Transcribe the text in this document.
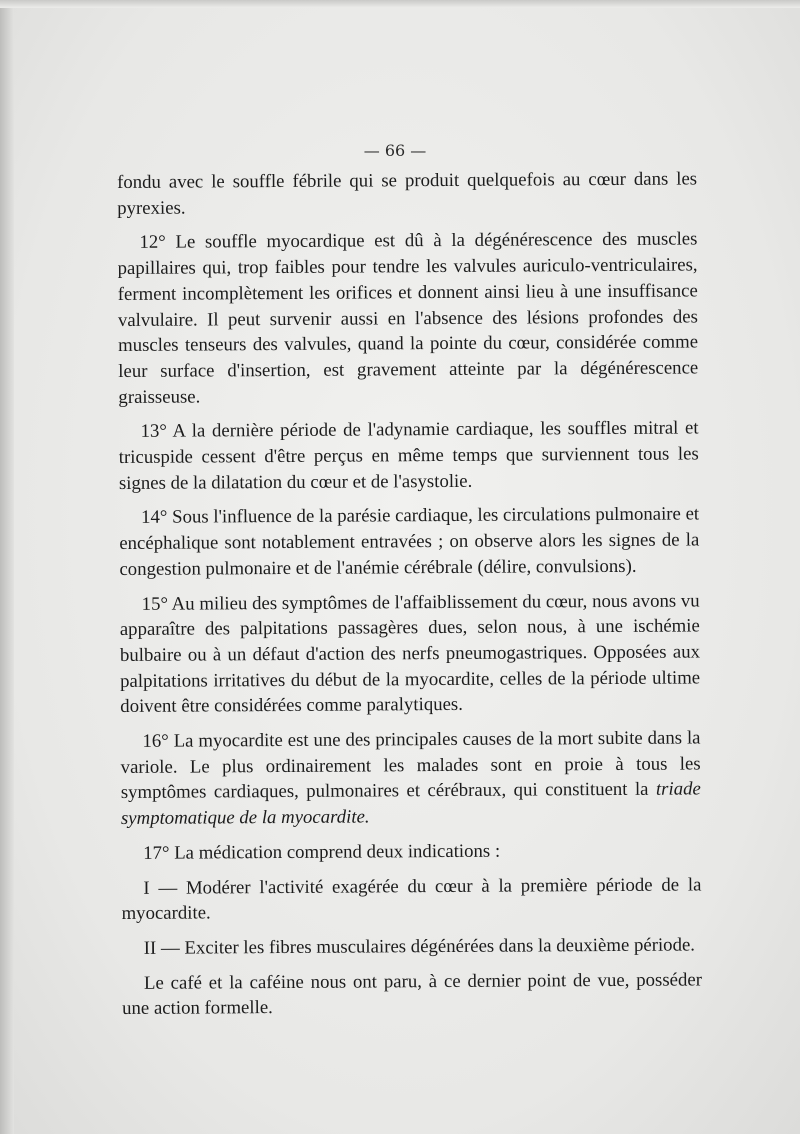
— 66 —

fondu avec le souffle fébrile qui se produit quelquefois au cœur dans les pyrexies.

12° Le souffle myocardique est dû à la dégénérescence des muscles papillaires qui, trop faibles pour tendre les valvules auriculo-ventriculaires, ferment incomplètement les orifices et donnent ainsi lieu à une insuffisance valvulaire. Il peut survenir aussi en l'absence des lésions profondes des muscles tenseurs des valvules, quand la pointe du cœur, considérée comme leur surface d'insertion, est gravement atteinte par la dégénérescence graisseuse.

13° A la dernière période de l'adynamie cardiaque, les souffles mitral et tricuspide cessent d'être perçus en même temps que surviennent tous les signes de la dilatation du cœur et de l'asystolie.

14° Sous l'influence de la parésie cardiaque, les circulations pulmonaire et encéphalique sont notablement entravées ; on observe alors les signes de la congestion pulmonaire et de l'anémie cérébrale (délire, convulsions).

15° Au milieu des symptômes de l'affaiblissement du cœur, nous avons vu apparaître des palpitations passagères dues, selon nous, à une ischémie bulbaire ou à un défaut d'action des nerfs pneumogastriques. Opposées aux palpitations irritatives du début de la myocardite, celles de la période ultime doivent être considérées comme paralytiques.

16° La myocardite est une des principales causes de la mort subite dans la variole. Le plus ordinairement les malades sont en proie à tous les symptômes cardiaques, pulmonaires et cérébraux, qui constituent la triade symptomatique de la myocardite.

17° La médication comprend deux indications :

I — Modérer l'activité exagérée du cœur à la première période de la myocardite.

II — Exciter les fibres musculaires dégénérées dans la deuxième période.

Le café et la caféine nous ont paru, à ce dernier point de vue, posséder une action formelle.
